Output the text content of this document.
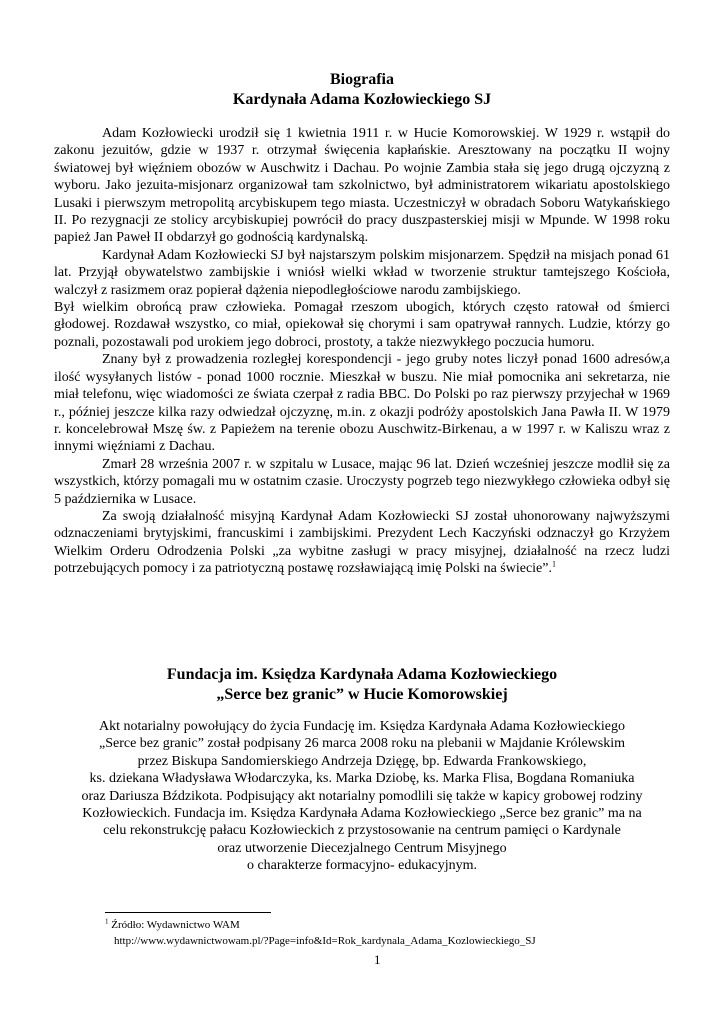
Biografia
Kardynała Adama Kozłowieckiego SJ

Adam Kozłowiecki urodził się 1 kwietnia 1911 r. w Hucie Komorowskiej. W 1929 r. wstąpił do zakonu jezuitów, gdzie w 1937 r. otrzymał święcenia kapłańskie. Aresztowany na początku II wojny światowej był więźniem obozów w Auschwitz i Dachau. Po wojnie Zambia stała się jego drugą ojczyzną z wyboru. Jako jezuita-misjonarz organizował tam szkolnictwo, był administratorem wikariatu apostolskiego Lusaki i pierwszym metropolitą arcybiskupem tego miasta. Uczestniczył w obradach Soboru Watykańskiego II. Po rezygnacji ze stolicy arcybiskupiej powrócił do pracy duszpasterskiej misji w Mpunde. W 1998 roku papież Jan Paweł II obdarzył go godnością kardynalską.

Kardynał Adam Kozłowiecki SJ był najstarszym polskim misjonarzem. Spędził na misjach ponad 61 lat. Przyjął obywatelstwo zambijskie i wniósł wielki wkład w tworzenie struktur tamtejszego Kościoła, walczył z rasizmem oraz popierał dążenia niepodległościowe narodu zambijskiego.

Był wielkim obrońcą praw człowieka. Pomagał rzeszom ubogich, których często ratował od śmierci głodowej. Rozdawał wszystko, co miał, opiekował się chorymi i sam opatrywał rannych. Ludzie, którzy go poznali, pozostawali pod urokiem jego dobroci, prostoty, a także niezwykłego poczucia humoru.

Znany był z prowadzenia rozległej korespondencji - jego gruby notes liczył ponad 1600 adresów,a ilość wysyłanych listów - ponad 1000 rocznie. Mieszkał w buszu. Nie miał pomocnika ani sekretarza, nie miał telefonu, więc wiadomości ze świata czerpał z radia BBC. Do Polski po raz pierwszy przyjechał w 1969 r., później jeszcze kilka razy odwiedzał ojczyznę, m.in. z okazji podróży apostolskich Jana Pawła II. W 1979 r. koncelebrował Mszę św. z Papieżem na terenie obozu Auschwitz-Birkenau, a w 1997 r. w Kaliszu wraz z innymi więźniami z Dachau.

Zmarł 28 września 2007 r. w szpitalu w Lusace, mając 96 lat. Dzień wcześniej jeszcze modlił się za wszystkich, którzy pomagali mu w ostatnim czasie. Uroczysty pogrzeb tego niezwykłego człowieka odbył się 5 października w Lusace.

Za swoją działalność misyjną Kardynał Adam Kozłowiecki SJ został uhonorowany najwyższymi odznaczeniami brytyjskimi, francuskimi i zambijskimi. Prezydent Lech Kaczyński odznaczył go Krzyżem Wielkim Orderu Odrodzenia Polski „za wybitne zasługi w pracy misyjnej, działalność na rzecz ludzi potrzebujących pomocy i za patriotyczną postawę rozsławiającą imię Polski na świecie”.$^1$

Fundacja im. Księdza Kardynała Adama Kozłowieckiego
„Serce bez granic” w Hucie Komorowskiej
Akt notarialny powołujący do życia Fundację im. Księdza Kardynała Adama Kozłowieckiego
„Serce bez granic” został podpisany 26 marca 2008 roku na plebanii w Majdanie Królewskim
przez Biskupa Sandomierskiego Andrzeja Dzięgę, bp. Edwarda Frankowskiego,
ks. dziekana Władysława Włodarczyka, ks. Marka Dziobę, ks. Marka Flisa, Bogdana Romaniuka
oraz Dariusza Bździkota. Podpisujący akt notarialny pomodlili się także w kapicy grobowej rodziny
Kozłowieckich. Fundacja im. Księdza Kardynała Adama Kozłowieckiego „Serce bez granic” ma na
celu rekonstrukcję pałacu Kozłowieckich z przystosowanie na centrum pamięci o Kardynale
oraz utworzenie Diecezjalnego Centrum Misyjnego
o charakterze formacyjno- edukacyjnym.
$^1$ Źródło: Wydawnictwo WAM
http://www.wydawnictwowam.pl/?Page=info&Id=Rok_kardynala_Adama_Kozlowieckiego_SJ
1
